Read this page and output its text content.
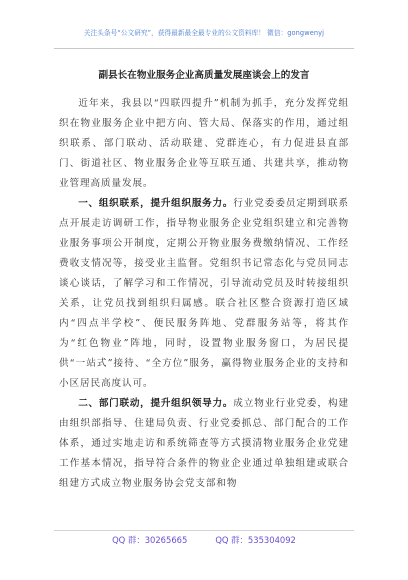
关注头条号“公文研究”，获得最新最全最专业的公文资料库！ 微信：gongwenyj
副县长在物业服务企业高质量发展座谈会上的发言

近年来，我县以“四联四提升”机制为抓手，充分发挥党组织在物业服务企业中把方向、管大局、保落实的作用，通过组织联系、部门联动、活动联建、党群连心，有力促进县直部门、街道社区、物业服务企业等互联互通、共建共享，推动物业管理高质量发展。

一、组织联系，提升组织服务力。行业党委委员定期到联系点开展走访调研工作，指导物业服务企业党组织建立和完善物业服务事项公开制度，定期公开物业服务费缴纳情况、工作经费收支情况等，接受业主监督。党组织书记常态化与党员同志谈心谈话，了解学习和工作情况，引导流动党员及时转接组织关系，让党员找到组织归属感。联合社区整合资源打造区域内“四点半学校”、便民服务阵地、党群服务站等，将其作为“红色物业”阵地，同时，设置物业服务窗口，为居民提供“一站式”接待、“全方位”服务，赢得物业服务企业的支持和小区居民高度认可。

二、部门联动，提升组织领导力。成立物业行业党委，构建由组织部指导、住建局负责、行业党委抓总、部门配合的工作体系，通过实地走访和系统筛查等方式摸清物业服务企业党建工作基本情况，指导符合条件的物业企业通过单独组建或联合组建方式成立物业服务协会党支部和物

QQ 群：30265665	QQ 群：535304092
